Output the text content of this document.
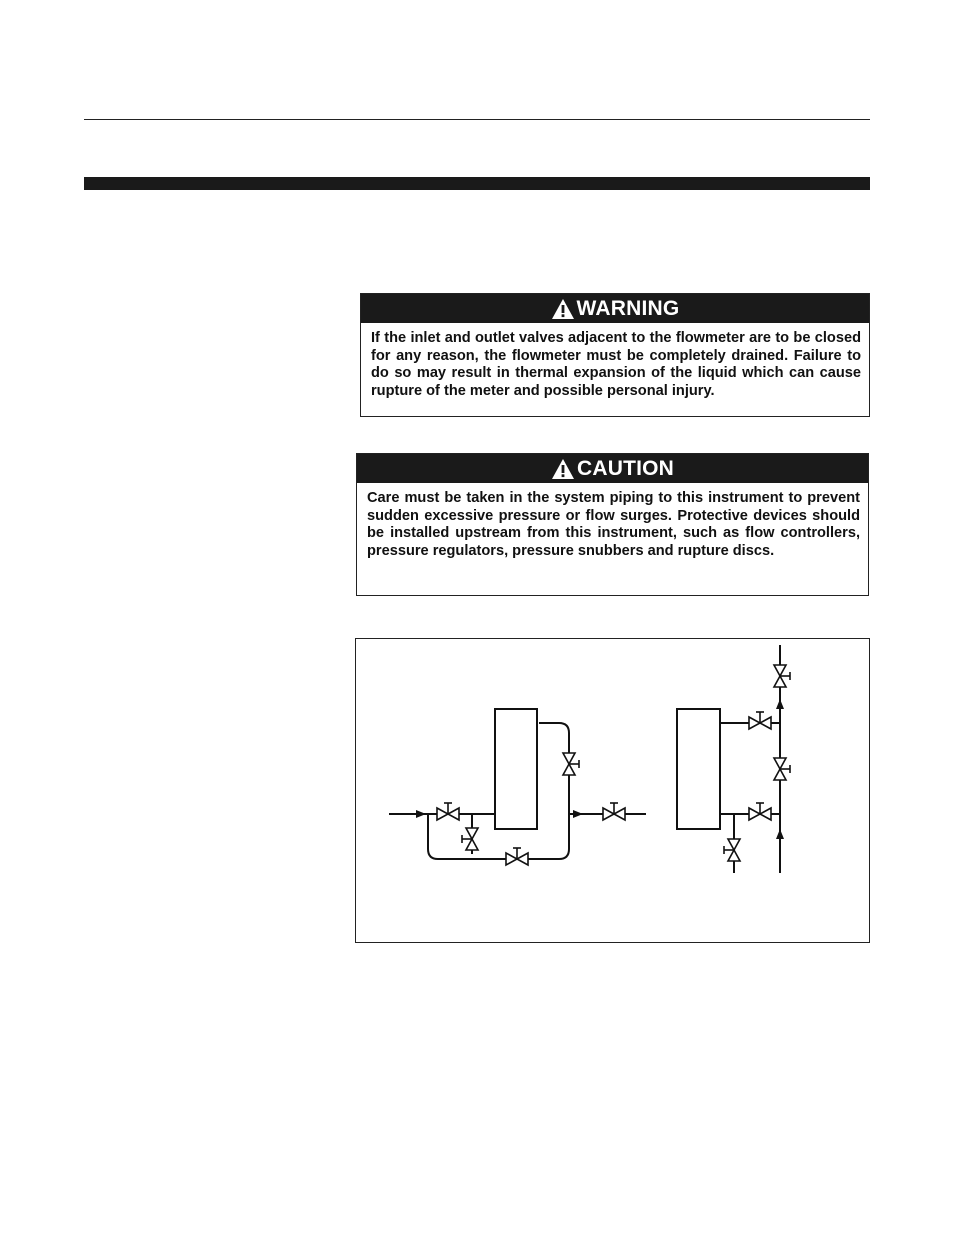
WARNING
If the inlet and outlet valves adjacent to the flowmeter are to be closed for any reason, the flowmeter must be completely drained. Failure to do so may result in thermal expansion of the liquid which can cause rupture of the meter and possible personal injury.
CAUTION
Care must be taken in the system piping to this instrument to prevent sudden excessive pressure or flow surges. Protective devices should be installed upstream from this instrument, such as flow controllers, pressure regulators, pressure snubbers and rupture discs.
